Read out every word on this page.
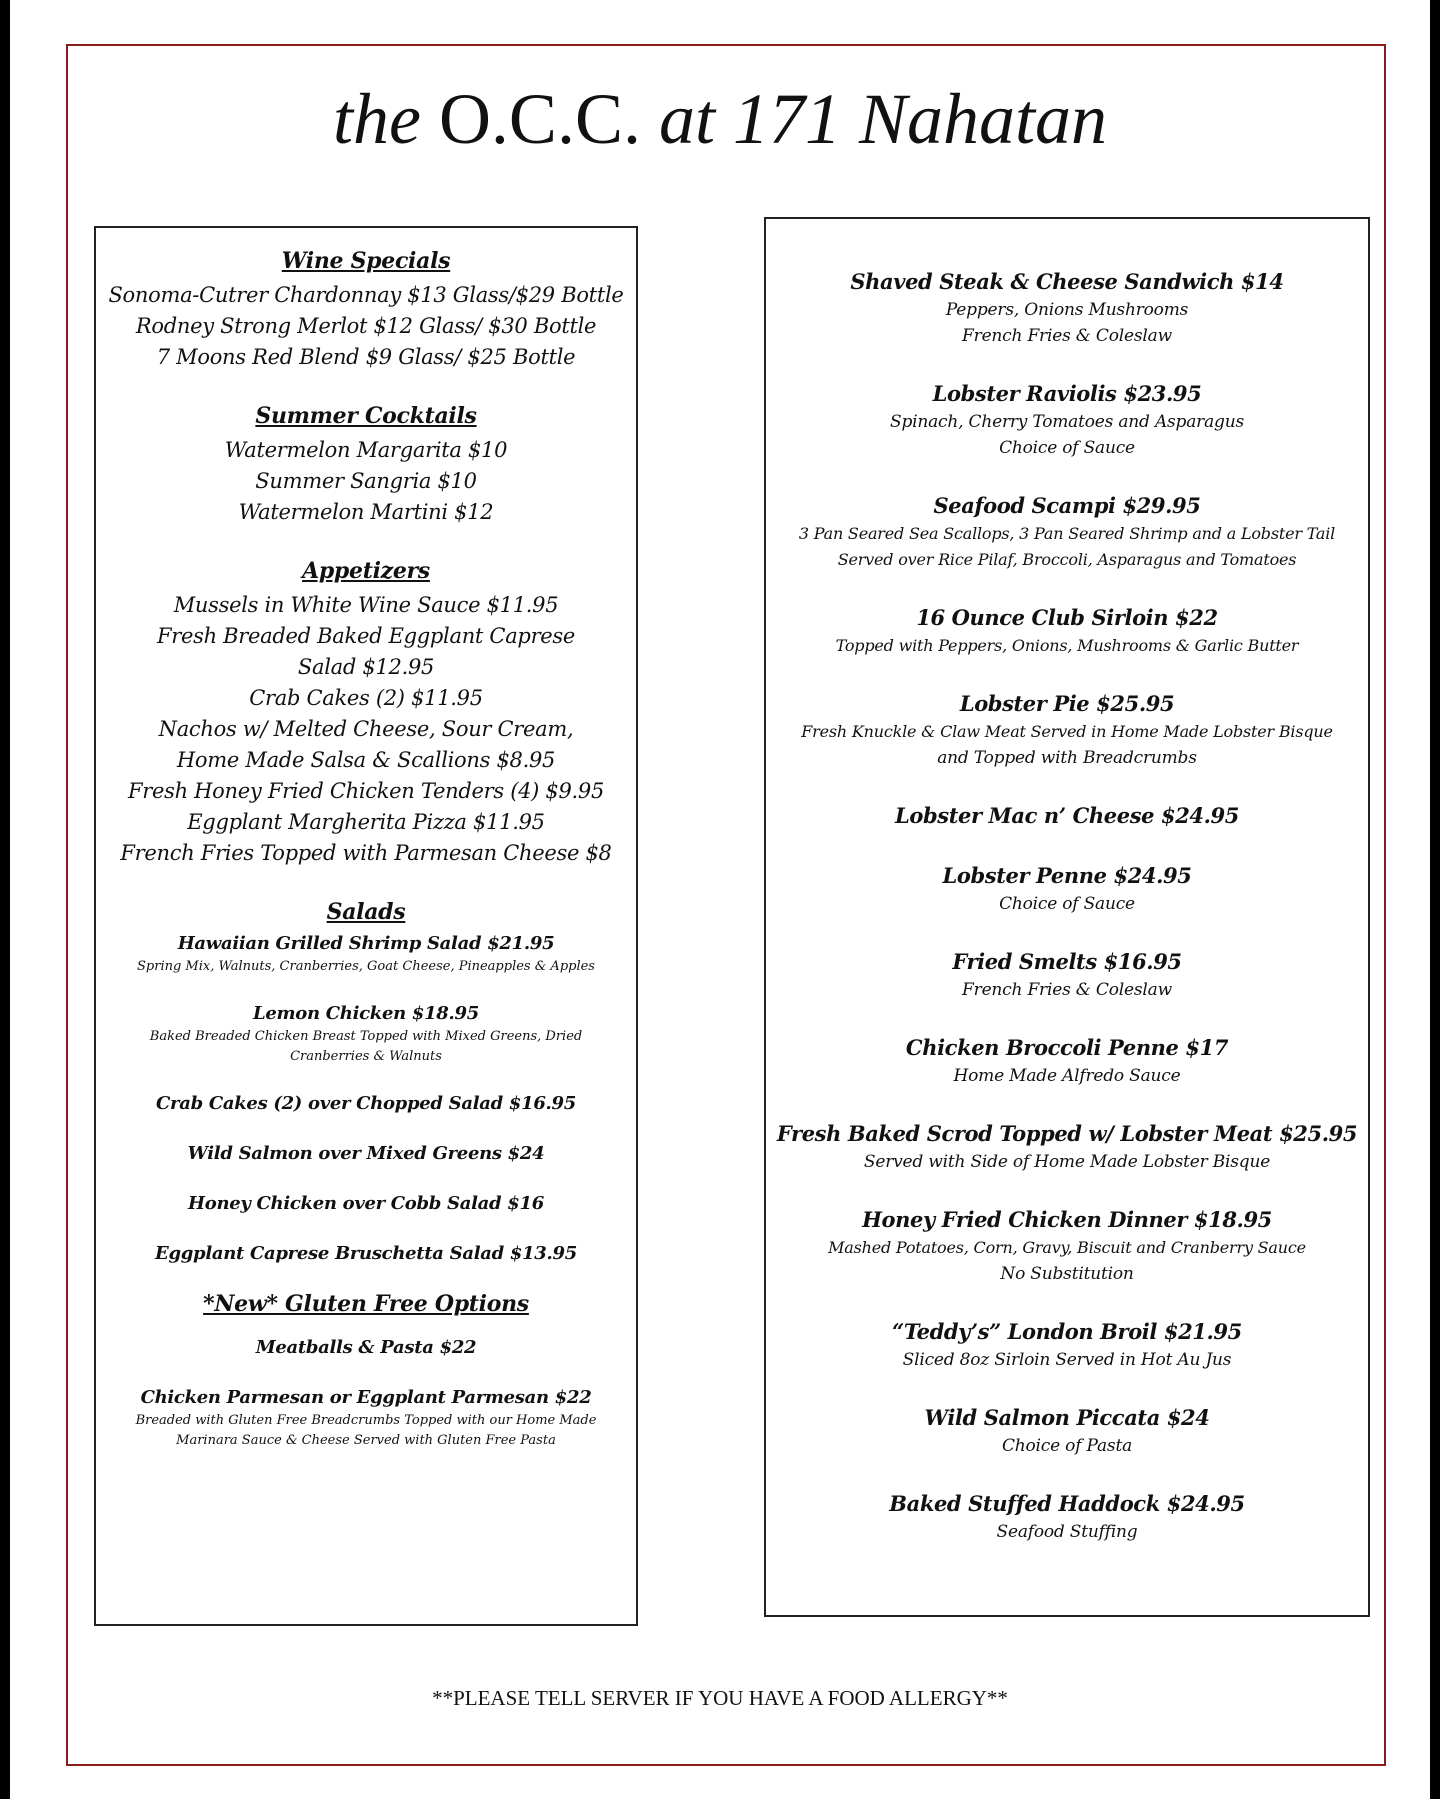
the O.C.C. at 171 Nahatan
Wine Specials
Sonoma-Cutrer Chardonnay $13 Glass/$29 Bottle
Rodney Strong Merlot $12 Glass/ $30 Bottle
7 Moons Red Blend $9 Glass/ $25 Bottle
Summer Cocktails
Watermelon Margarita $10
Summer Sangria $10
Watermelon Martini $12
Appetizers
Mussels in White Wine Sauce $11.95
Fresh Breaded Baked Eggplant Caprese Salad $12.95
Crab Cakes (2) $11.95
Nachos w/ Melted Cheese, Sour Cream, Home Made Salsa & Scallions $8.95
Fresh Honey Fried Chicken Tenders (4) $9.95
Eggplant Margherita Pizza $11.95
French Fries Topped with Parmesan Cheese $8
Salads
Hawaiian Grilled Shrimp Salad $21.95
Spring Mix, Walnuts, Cranberries, Goat Cheese, Pineapples & Apples
Lemon Chicken $18.95
Baked Breaded Chicken Breast Topped with Mixed Greens, Dried Cranberries & Walnuts
Crab Cakes (2) over Chopped Salad $16.95
Wild Salmon over Mixed Greens $24
Honey Chicken over Cobb Salad $16
Eggplant Caprese Bruschetta Salad $13.95
*New* Gluten Free Options
Meatballs & Pasta $22
Chicken Parmesan or Eggplant Parmesan $22
Breaded with Gluten Free Breadcrumbs Topped with our Home Made Marinara Sauce & Cheese Served with Gluten Free Pasta
Shaved Steak & Cheese Sandwich $14
Peppers, Onions Mushrooms
French Fries & Coleslaw
Lobster Raviolis $23.95
Spinach, Cherry Tomatoes and Asparagus
Choice of Sauce
Seafood Scampi $29.95
3 Pan Seared Sea Scallops, 3 Pan Seared Shrimp and a Lobster Tail
Served over Rice Pilaf, Broccoli, Asparagus and Tomatoes
16 Ounce Club Sirloin $22
Topped with Peppers, Onions, Mushrooms & Garlic Butter
Lobster Pie $25.95
Fresh Knuckle & Claw Meat Served in Home Made Lobster Bisque
and Topped with Breadcrumbs
Lobster Mac n’ Cheese $24.95
Lobster Penne $24.95
Choice of Sauce
Fried Smelts $16.95
French Fries & Coleslaw
Chicken Broccoli Penne $17
Home Made Alfredo Sauce
Fresh Baked Scrod Topped w/ Lobster Meat $25.95
Served with Side of Home Made Lobster Bisque
Honey Fried Chicken Dinner $18.95
Mashed Potatoes, Corn, Gravy, Biscuit and Cranberry Sauce
No Substitution
“Teddy’s” London Broil $21.95
Sliced 8oz Sirloin Served in Hot Au Jus
Wild Salmon Piccata $24
Choice of Pasta
Baked Stuffed Haddock $24.95
Seafood Stuffing
**PLEASE TELL SERVER IF YOU HAVE A FOOD ALLERGY**
